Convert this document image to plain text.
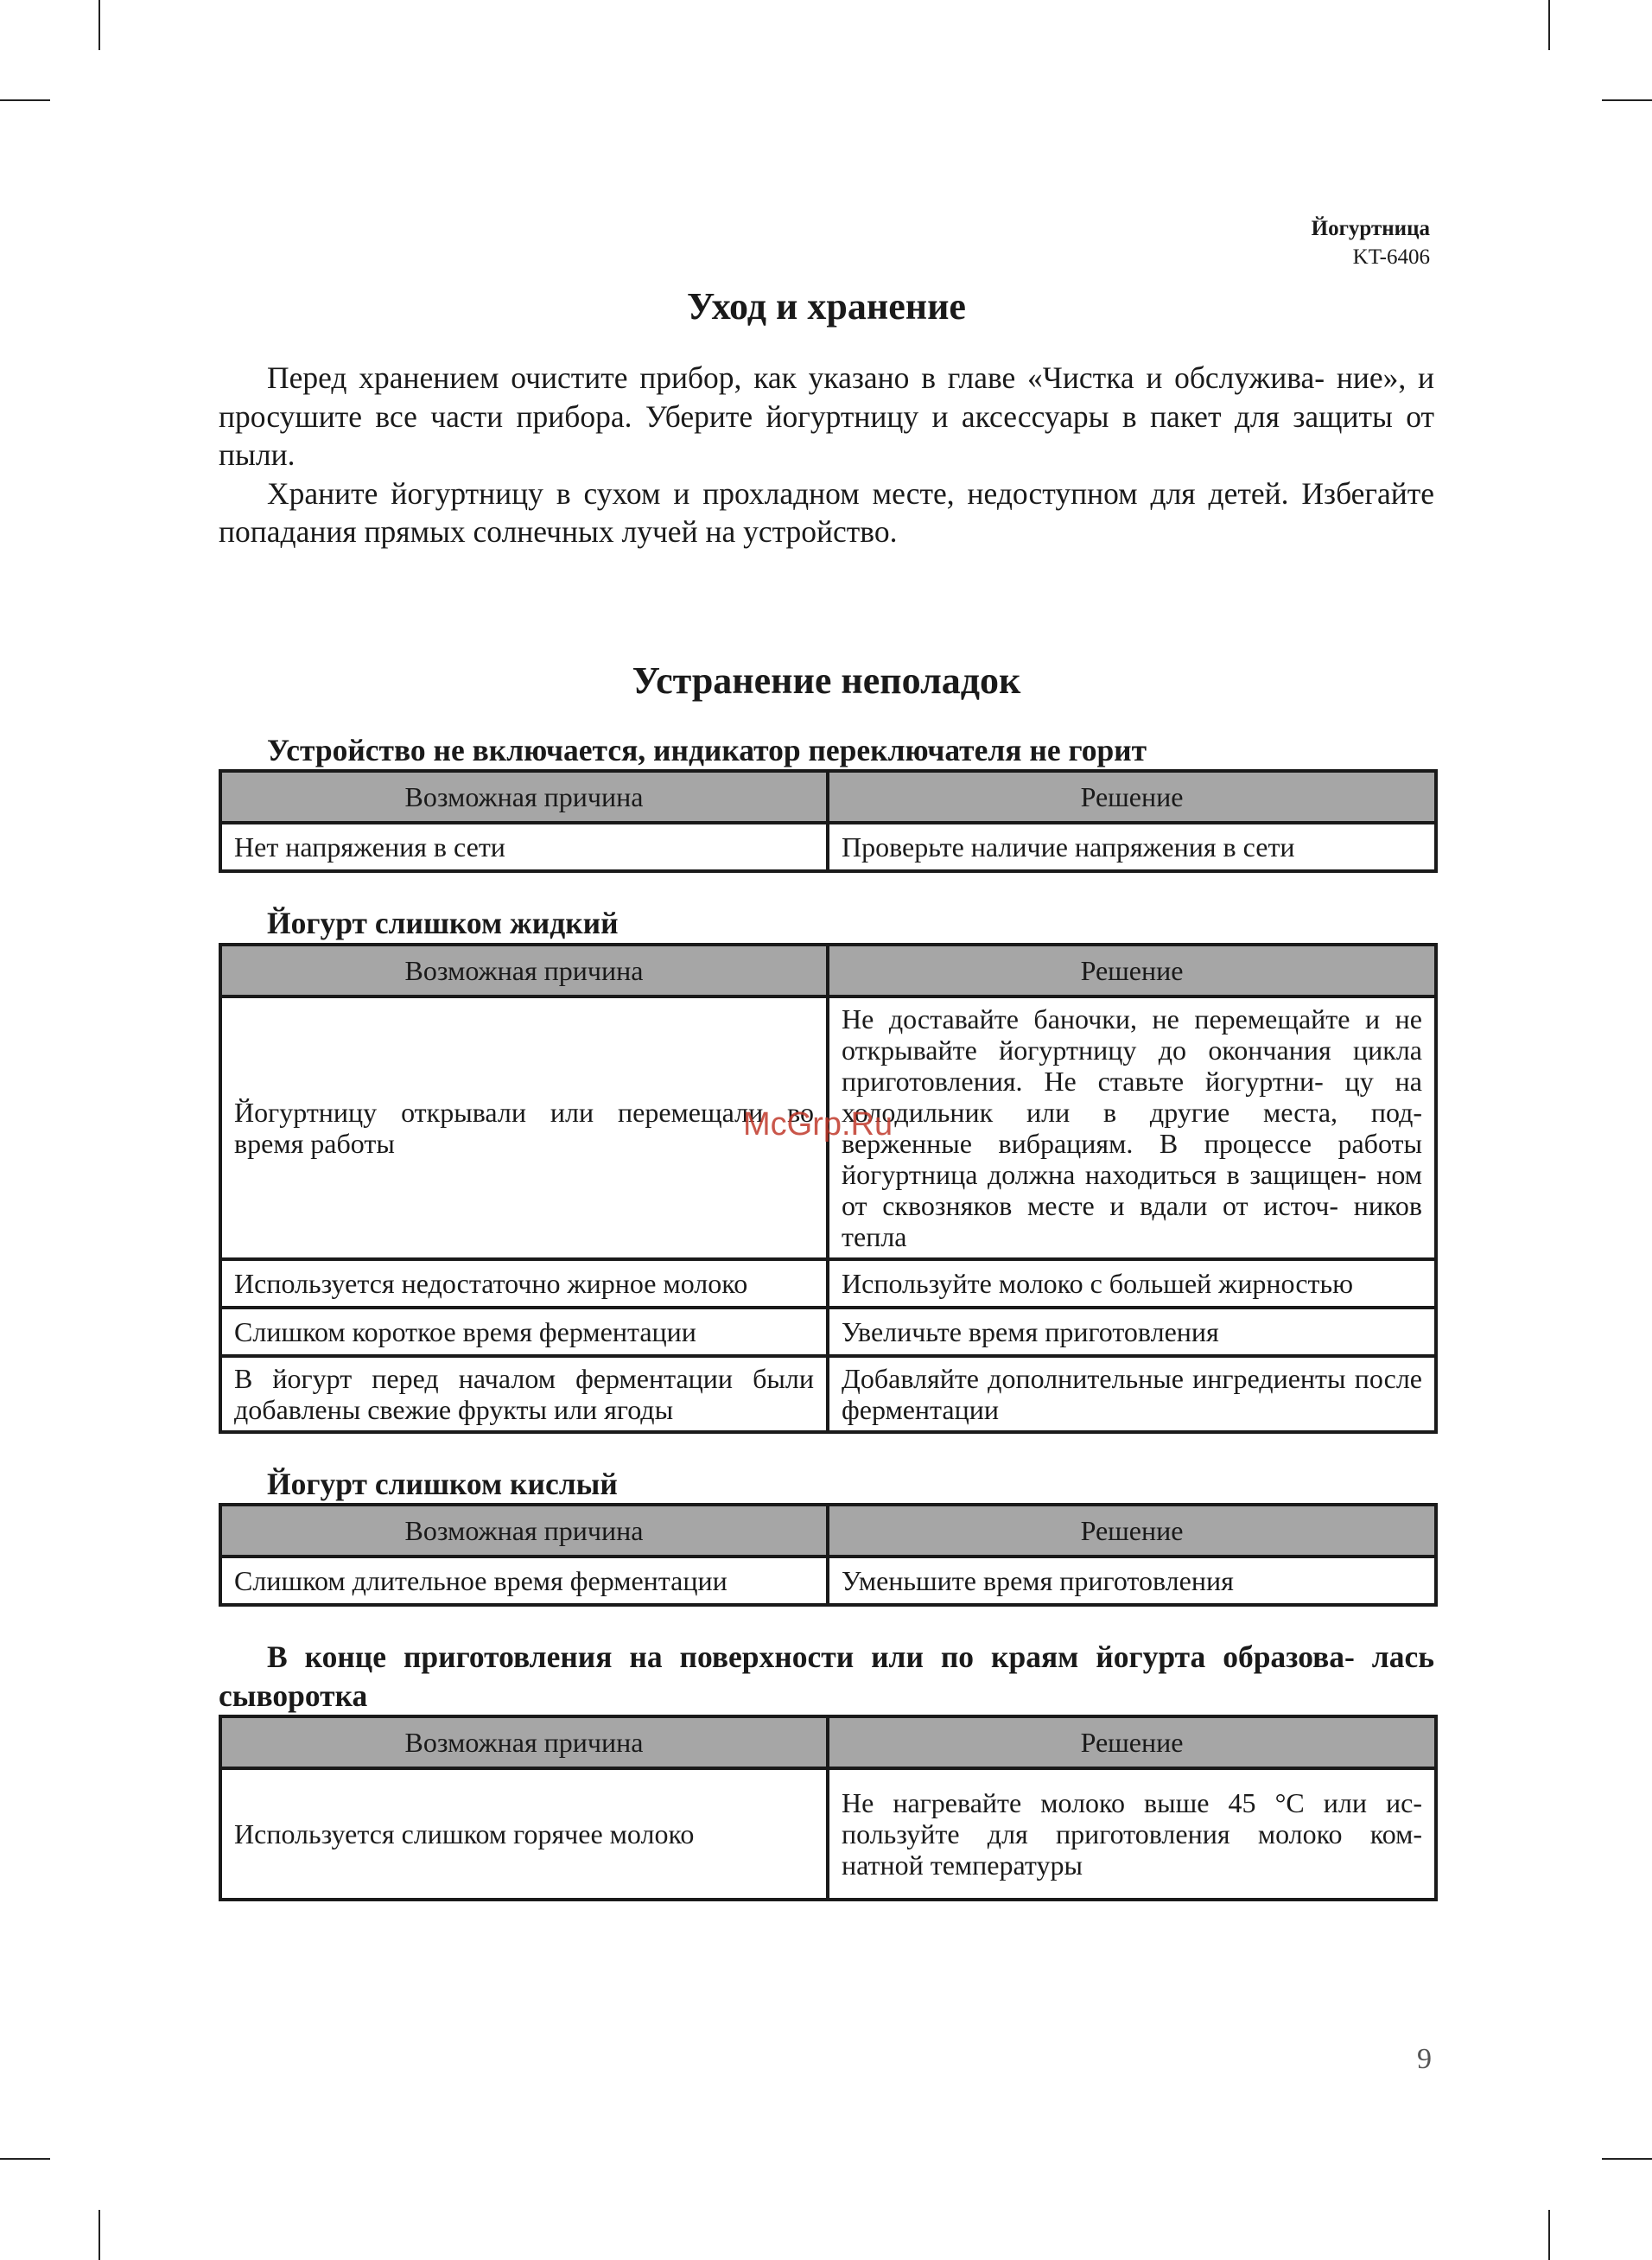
Йогуртница
KT-6406
Уход и хранение

Перед хранением очистите прибор, как указано в главе «Чистка и обслужива- ние», и просушите все части прибора. Уберите йогуртницу и аксессуары в пакет для защиты от пыли.

Храните йогуртницу в сухом и прохладном месте, недоступном для детей. Избегайте попадания прямых солнечных лучей на устройство.

Устранение неполадок
Устройство не включается, индикатор переключателя не горит
Возможная причина	Решение
Нет напряжения в сети	Проверьте наличие напряжения в сети
Йогурт слишком жидкий
Возможная причина	Решение
Йогуртницу открывали или перемещали во время работы	Не доставайте баночки, не перемещайте и не открывайте йогуртницу до окончания цикла приготовления. Не ставьте йогуртни- цу на холодильник или в другие места, под- верженные вибрациям. В процессе работы йогуртница должна находиться в защищен- ном от сквозняков месте и вдали от источ- ников тепла
Используется недостаточно жирное молоко	Используйте молоко с большей жирностью
Слишком короткое время ферментации	Увеличьте время приготовления
В йогурт перед началом ферментации были добавлены свежие фрукты или ягоды	Добавляйте дополнительные ингредиенты после ферментации
Йогурт слишком кислый
Возможная причина	Решение
Слишком длительное время ферментации	Уменьшите время приготовления
В конце приготовления на поверхности или по краям йогурта образова- лась сыворотка
Возможная причина	Решение
Используется слишком горячее молоко	Не нагревайте молоко выше 45 °С или ис- пользуйте для приготовления молоко ком- натной температуры
McGrp.Ru
9
